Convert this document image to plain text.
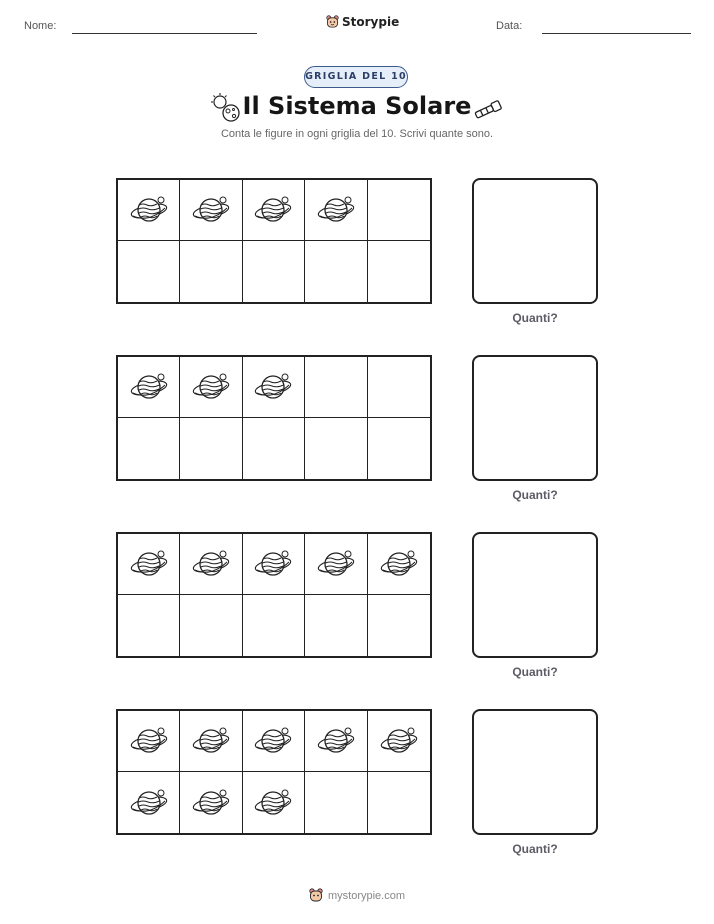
Nome:	Storypie	Data:
GRIGLIA DEL 10
Il Sistema Solare
Conta le figure in ogni griglia del 10. Scrivi quante sono.
Quanti?
Quanti?
Quanti?
Quanti?
mystorypie.com
